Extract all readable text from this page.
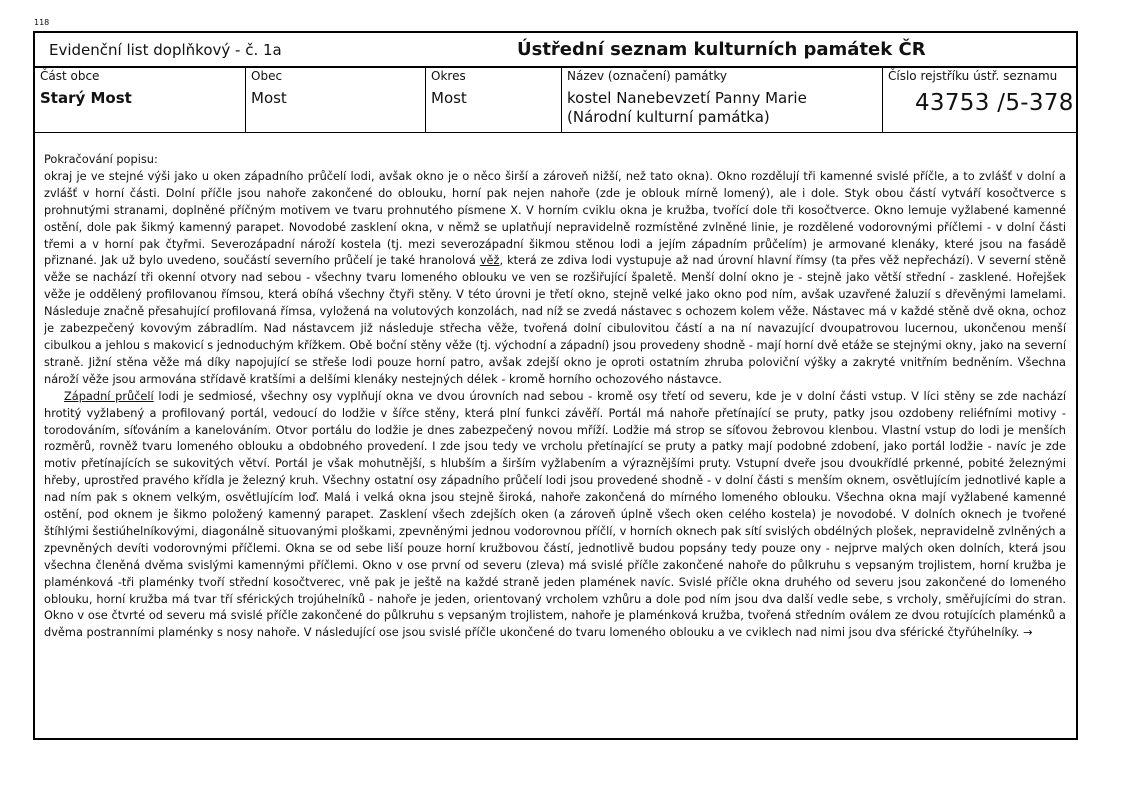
118
Evidenční list doplňkový - č. 1a	Ústřední seznam kulturních památek ČR
Část obce
Starý Most
Obec
Most
Okres
Most
Název (označení) památky
kostel Nanebevzetí Panny Marie (Národní kulturní památka)
Číslo rejstříku ústř. seznamu
43753 /5-378

Pokračování popisu:
okraj je ve stejné výši jako u oken západního průčelí lodi, avšak okno je o něco širší a zároveň nižší, než tato okna). Okno rozdělují tři kamenné svislé příčle, a to zvlášť v dolní a zvlášť v horní části. Dolní příčle jsou nahoře zakončené do oblouku, horní pak nejen nahoře (zde je oblouk mírně lomený), ale i dole. Styk obou částí vytváří kosočtverce s prohnutými stranami, doplněné příčným motivem ve tvaru prohnutého písmene X. V horním cviklu okna je kružba, tvořící dole tři kosočtverce. Okno lemuje vyžlabené kamenné ostění, dole pak šikmý kamenný parapet. Novodobé zasklení okna, v němž se uplatňují nepravidelně rozmístěné zvlněné linie, je rozdělené vodorovnými příčlemi - v dolní části třemi a v horní pak čtyřmi. Severozápadní nároží kostela (tj. mezi severozápadní šikmou stěnou lodi a jejím západním průčelím) je armované klenáky, které jsou na fasádě přiznané. Jak už bylo uvedeno, součástí severního průčelí je také hranolová věž, která ze zdiva lodi vystupuje až nad úrovní hlavní římsy (ta přes věž nepřechází). V severní stěně věže se nachází tři okenní otvory nad sebou - všechny tvaru lomeného oblouku ve ven se rozšiřující špaletě. Menší dolní okno je - stejně jako větší střední - zasklené. Hořejšek věže je oddělený profilovanou římsou, která obíhá všechny čtyři stěny. V této úrovni je třetí okno, stejně velké jako okno pod ním, avšak uzavřené žaluzií s dřevěnými lamelami. Následuje značně přesahující profilovaná římsa, vyložená na volutových konzolách, nad níž se zvedá nástavec s ochozem kolem věže. Nástavec má v každé stěně dvě okna, ochoz je zabezpečený kovovým zábradlím. Nad nástavcem již následuje střecha věže, tvořená dolní cibulovitou částí a na ní navazující dvoupatrovou lucernou, ukončenou menší cibulkou a jehlou s makovicí s jednoduchým křížkem. Obě boční stěny věže (tj. východní a západní) jsou provedeny shodně - mají horní dvě etáže se stejnými okny, jako na severní straně. Jižní stěna věže má díky napojující se střeše lodi pouze horní patro, avšak zdejší okno je oproti ostatním zhruba poloviční výšky a zakryté vnitřním bedněním. Všechna nároží věže jsou armována střídavě kratšími a delšími klenáky nestejných délek - kromě horního ochozového nástavce.

Západní průčelí lodi je sedmiosé, všechny osy vyplňují okna ve dvou úrovních nad sebou - kromě osy třetí od severu, kde je v dolní části vstup. V líci stěny se zde nachází hrotitý vyžlabený a profilovaný portál, vedoucí do lodžie v šířce stěny, která plní funkci závěří. Portál má nahoře přetínající se pruty, patky jsou ozdobeny reliéfními motivy - torodováním, síťováním a kanelováním. Otvor portálu do lodžie je dnes zabezpečený novou mříží. Lodžie má strop se síťovou žebrovou klenbou. Vlastní vstup do lodi je menších rozměrů, rovněž tvaru lomeného oblouku a obdobného provedení. I zde jsou tedy ve vrcholu přetínající se pruty a patky mají podobné zdobení, jako portál lodžie - navíc je zde motiv přetínajících se sukovitých větví. Portál je však mohutnější, s hlubším a širším vyžlabením a výraznějšími pruty. Vstupní dveře jsou dvoukřídlé prkenné, pobité železnými hřeby, uprostřed pravého křídla je železný kruh. Všechny ostatní osy západního průčelí lodi jsou provedené shodně - v dolní části s menším oknem, osvětlujícím jednotlivé kaple a nad ním pak s oknem velkým, osvětlujícím loď. Malá i velká okna jsou stejně široká, nahoře zakončená do mírného lomeného oblouku. Všechna okna mají vyžlabené kamenné ostění, pod oknem je šikmo položený kamenný parapet. Zasklení všech zdejších oken (a zároveň úplně všech oken celého kostela) je novodobé. V dolních oknech je tvořené štíhlými šestiúhelníkovými, diagonálně situovanými ploškami, zpevněnými jednou vodorovnou příčlí, v horních oknech pak sítí svislých obdélných plošek, nepravidelně zvlněných a zpevněných devíti vodorovnými příčlemi. Okna se od sebe liší pouze horní kružbovou částí, jednotlivě budou popsány tedy pouze ony - nejprve malých oken dolních, která jsou všechna členěná dvěma svislými kamennými příčlemi. Okno v ose první od severu (zleva) má svislé příčle zakončené nahoře do půlkruhu s vepsaným trojlistem, horní kružba je plaménková -tři plaménky tvoří střední kosočtverec, vně pak je ještě na každé straně jeden plamének navíc. Svislé příčle okna druhého od severu jsou zakončené do lomeného oblouku, horní kružba má tvar tří sférických trojúhelníků - nahoře je jeden, orientovaný vrcholem vzhůru a dole pod ním jsou dva další vedle sebe, s vrcholy, směřujícími do stran. Okno v ose čtvrté od severu má svislé příčle zakončené do půlkruhu s vepsaným trojlistem, nahoře je plaménková kružba, tvořená středním oválem ze dvou rotujících plaménků a dvěma postranními plaménky s nosy nahoře. V následující ose jsou svislé příčle ukončené do tvaru lomeného oblouku a ve cviklech nad nimi jsou dva sférické čtyřúhelníky. →
